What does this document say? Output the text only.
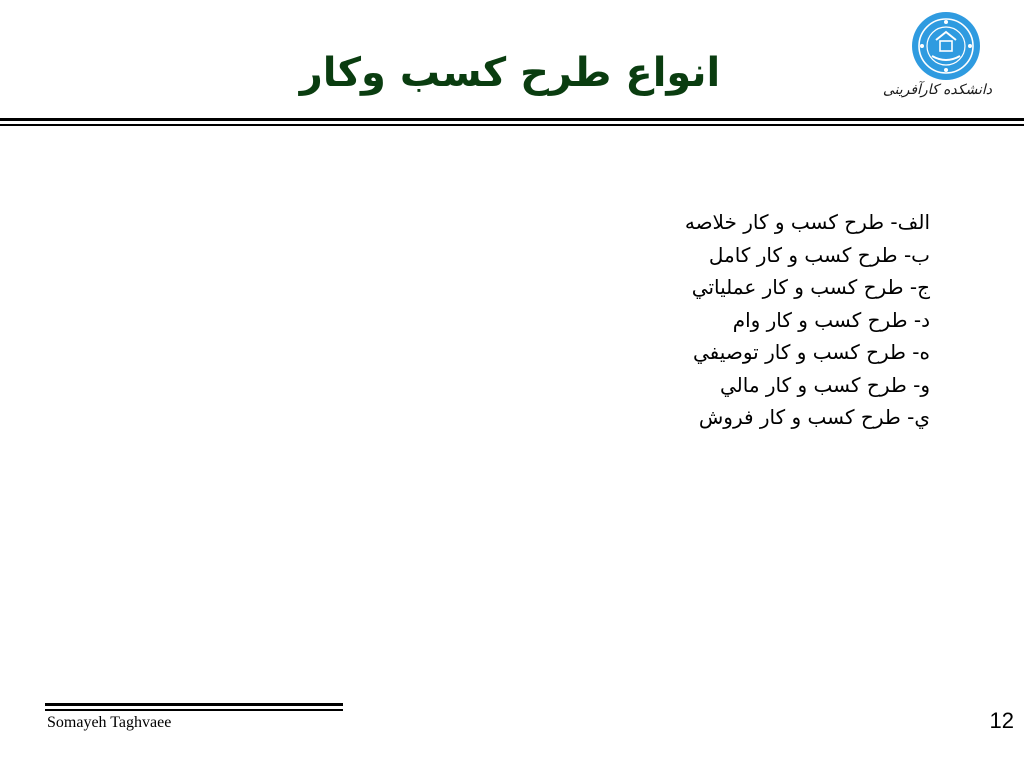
انواع طرح كسب وكار	دانشکده کارآفرینی
الف- طرح كسب و كار خلاصه
ب- طرح كسب و كار كامل
ج- طرح كسب و كار عملياتي
د- طرح كسب و كار وام
ه- طرح كسب و كار توصيفي
و- طرح كسب و كار مالي
ي- طرح كسب و كار فروش
Somayeh Taghvaee	12
